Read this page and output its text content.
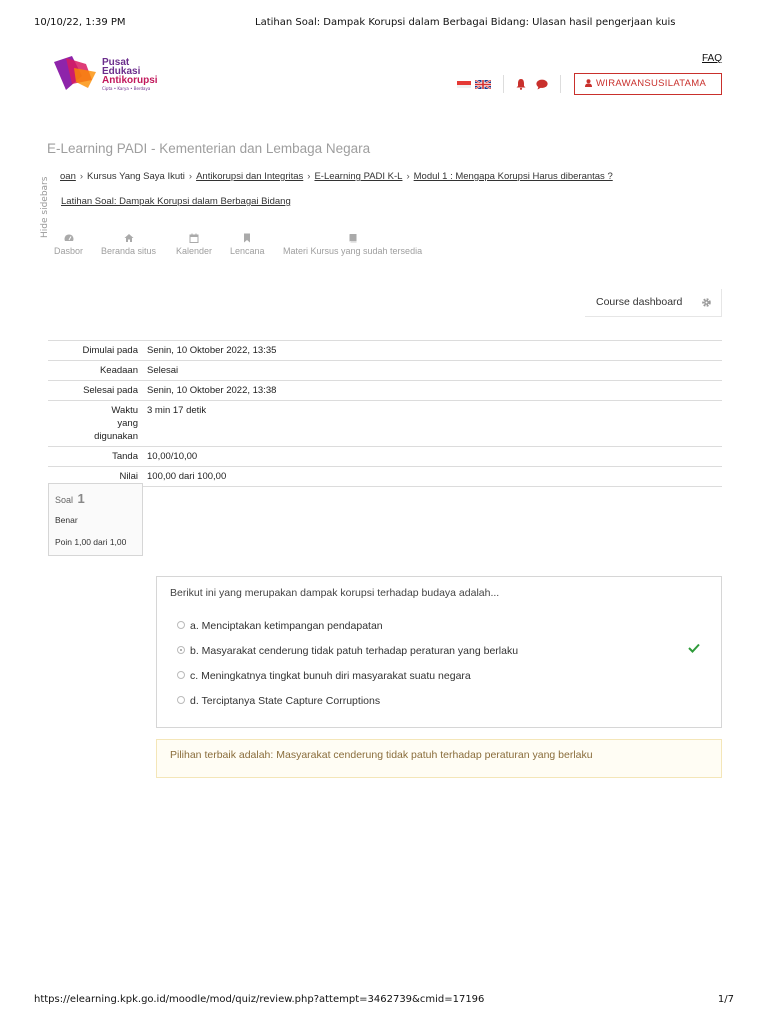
10/10/22, 1:39 PM	Latihan Soal: Dampak Korupsi dalam Berbagai Bidang: Ulasan hasil pengerjaan kuis
Pusat
Edukasi
Antikorupsi
Cipta • Karya • Berdaya
FAQ
WIRAWANSUSILATAMA
E-Learning PADI - Kementerian dan Lembaga Negara
Hide sidebars
oan › Kursus Yang Saya Ikuti › Antikorupsi dan Integritas › E-Learning PADI K-L › Modul 1 : Mengapa Korupsi Harus diberantas ?
Latihan Soal: Dampak Korupsi dalam Berbagai Bidang
Dasbor Beranda situs Kalender Lencana Materi Kursus yang sudah tersedia
Course dashboard
Dimulai pada	Senin, 10 Oktober 2022, 13:35
Keadaan	Selesai
Selesai pada	Senin, 10 Oktober 2022, 13:38
Waktu yang digunakan	3 min 17 detik
Tanda	10,00/10,00
Nilai	100,00 dari 100,00
Soal 1
Benar
Poin 1,00 dari 1,00
Berikut ini yang merupakan dampak korupsi terhadap budaya adalah...
a. Menciptakan ketimpangan pendapatan
b. Masyarakat cenderung tidak patuh terhadap peraturan yang berlaku
c. Meningkatnya tingkat bunuh diri masyarakat suatu negara
d. Terciptanya State Capture Corruptions
Pilihan terbaik adalah: Masyarakat cenderung tidak patuh terhadap peraturan yang berlaku
https://elearning.kpk.go.id/moodle/mod/quiz/review.php?attempt=3462739&cmid=17196	1/7
